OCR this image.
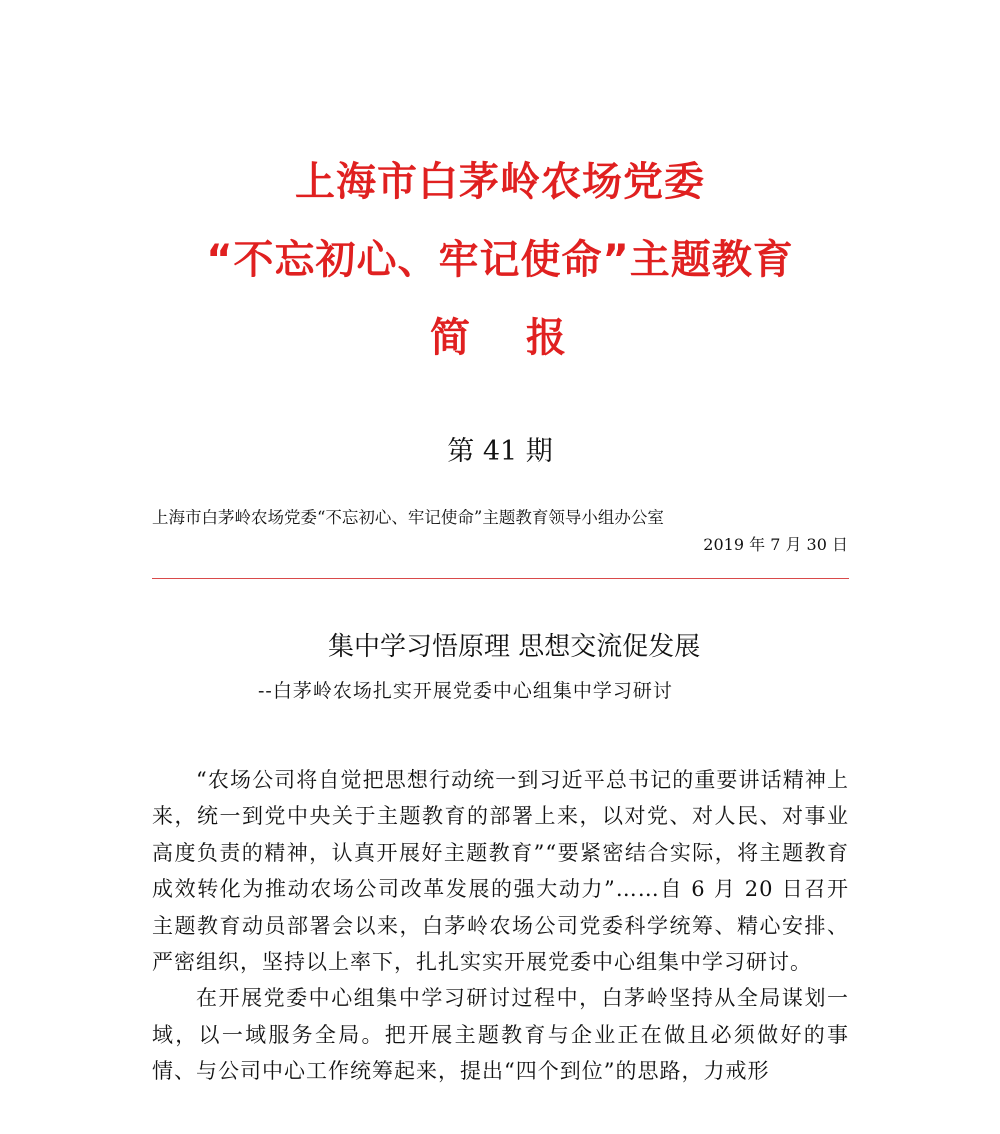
上海市白茅岭农场党委
“不忘初心、牢记使命”主题教育
简 报
第 41 期
上海市白茅岭农场党委“不忘初心、牢记使命”主题教育领导小组办公室
2019 年 7 月 30 日
集中学习悟原理 思想交流促发展
--白茅岭农场扎实开展党委中心组集中学习研讨

“农场公司将自觉把思想行动统一到习近平总书记的重要讲话精神上来，统一到党中央关于主题教育的部署上来，以对党、对人民、对事业高度负责的精神，认真开展好主题教育”“要紧密结合实际，将主题教育成效转化为推动农场公司改革发展的强大动力”……自 6 月 20 日召开主题教育动员部署会以来，白茅岭农场公司党委科学统筹、精心安排、严密组织，坚持以上率下，扎扎实实开展党委中心组集中学习研讨。

在开展党委中心组集中学习研讨过程中，白茅岭坚持从全局谋划一域，以一域服务全局。把开展主题教育与企业正在做且必须做好的事情、与公司中心工作统筹起来，提出“四个到位”的思路，力戒形
